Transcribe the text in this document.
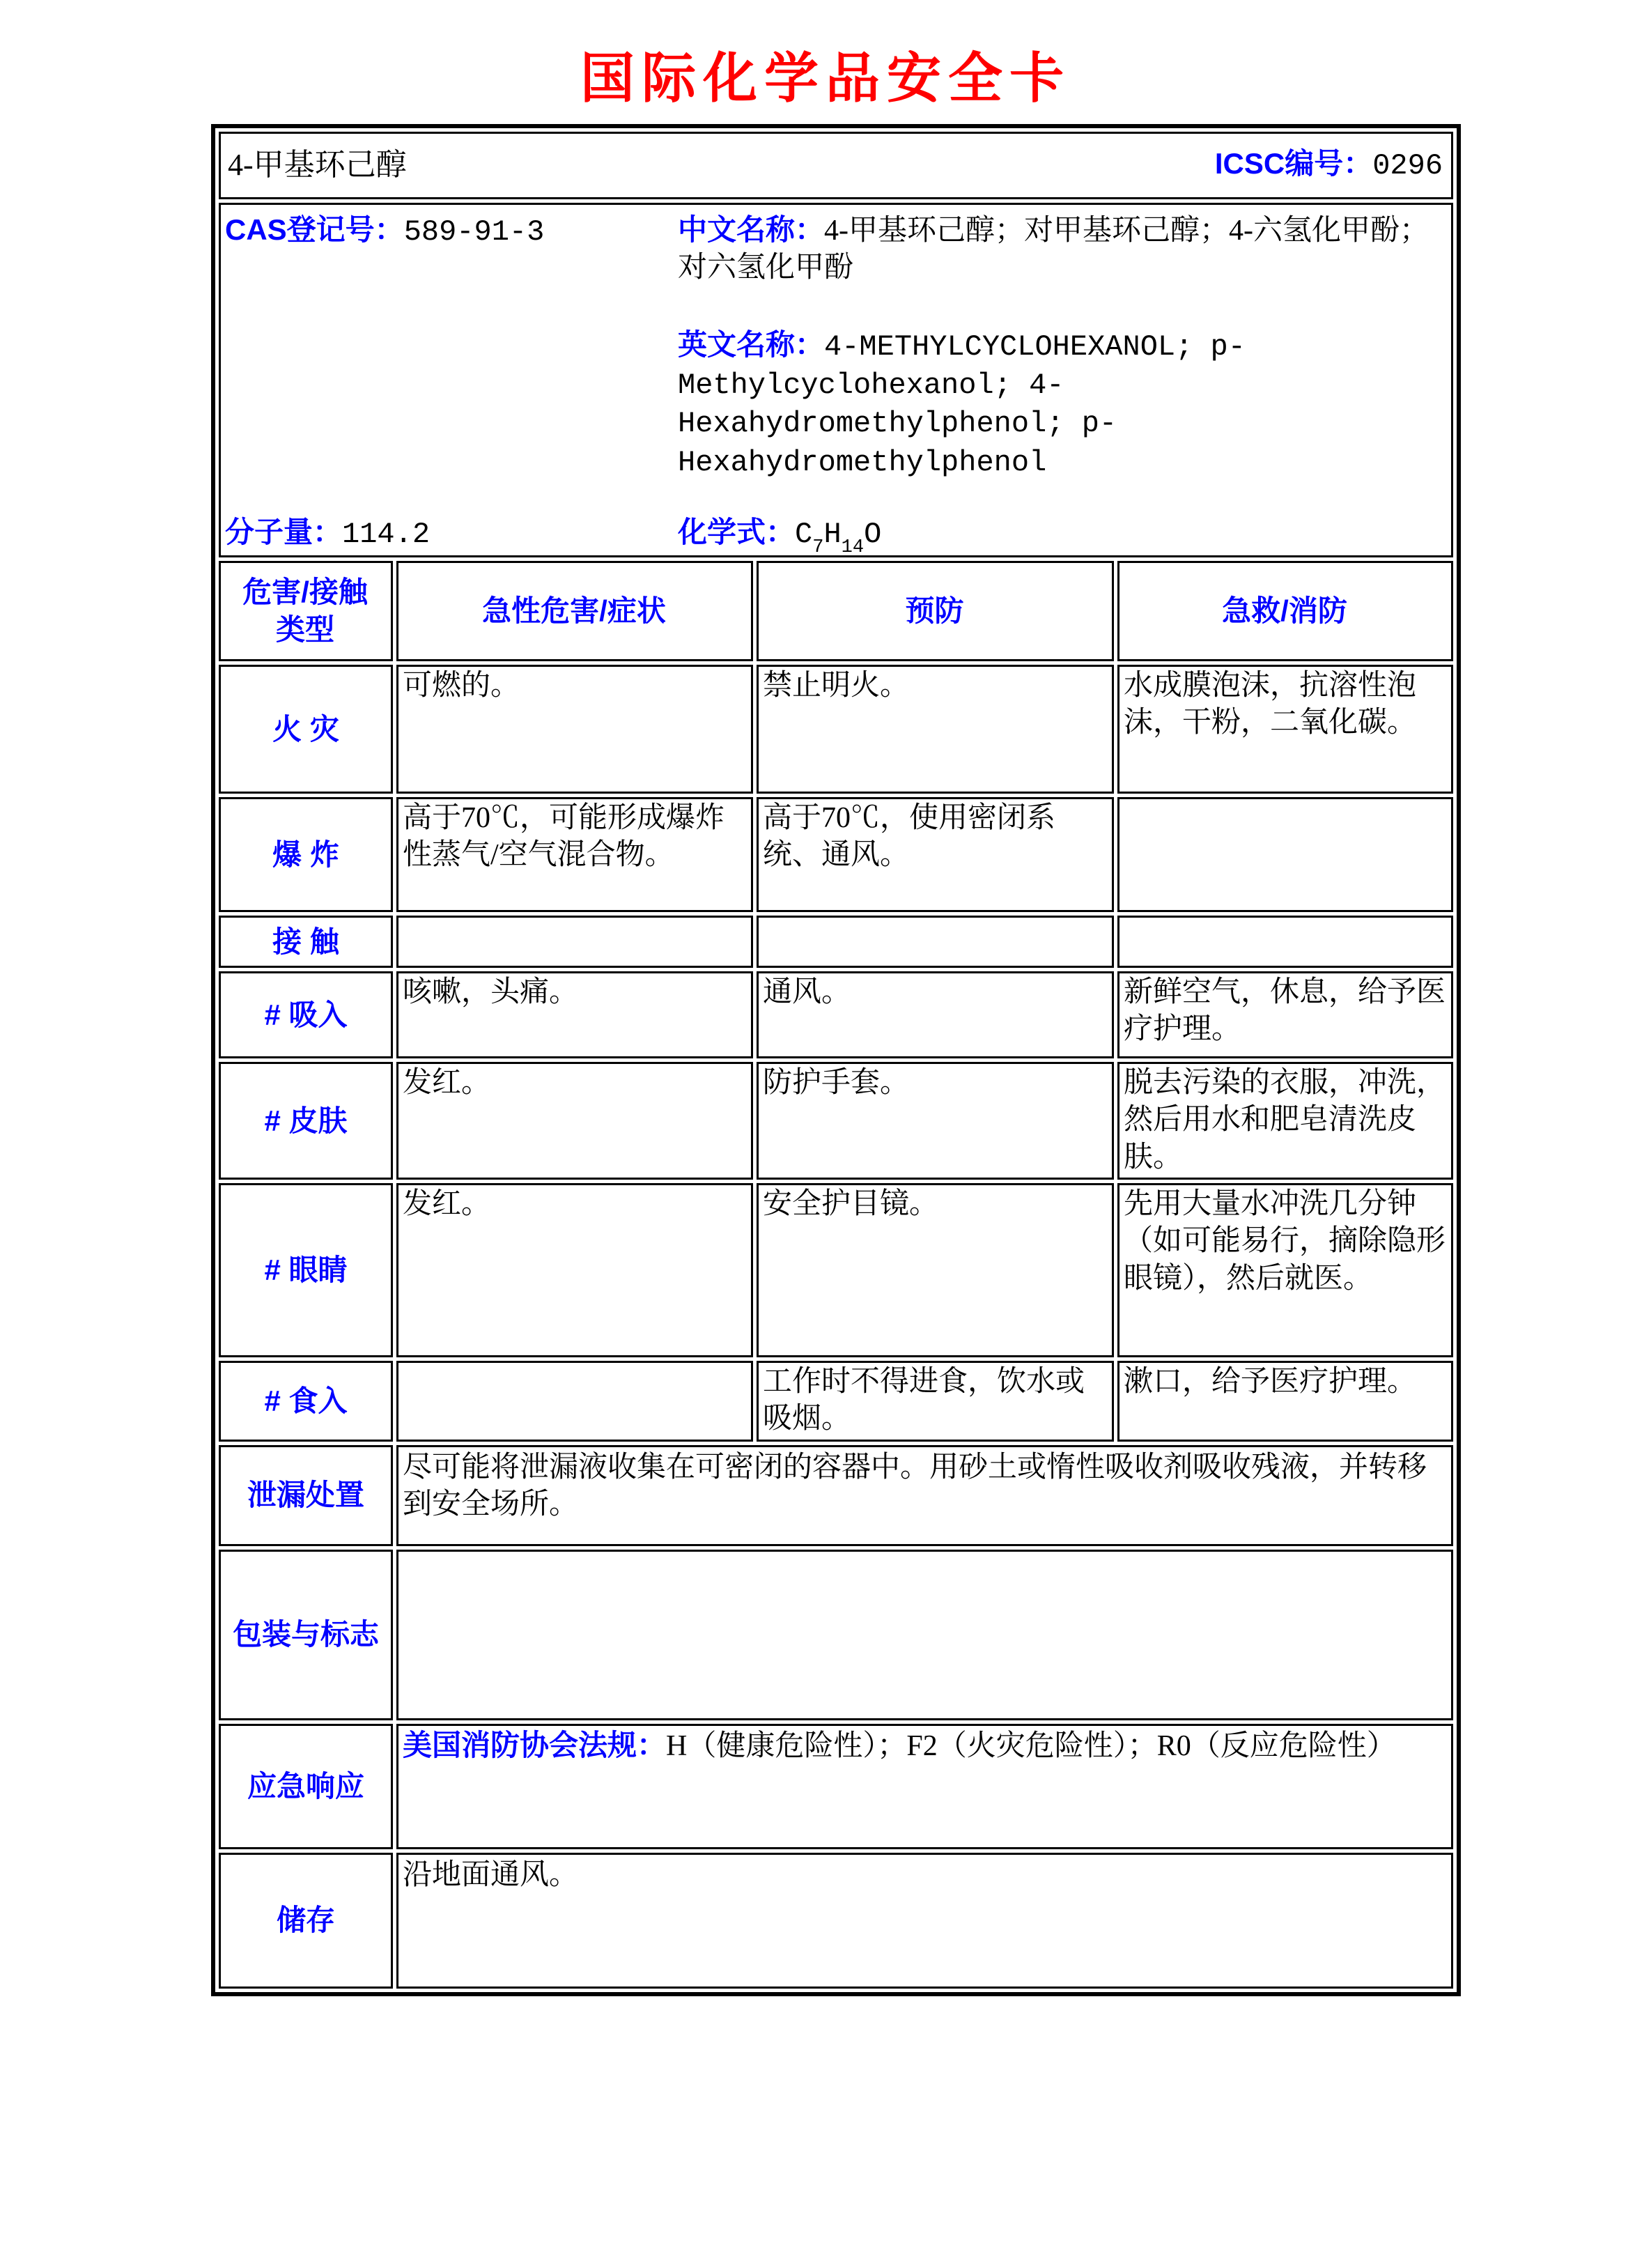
国际化学品安全卡
4-甲基环己醇 ICSC编号：0296			

CAS登记号：589-91-3 中文名称：4-甲基环己醇；对甲基环己醇；4-六氢化甲酚；对六氢化甲酚

英文名称：4-METHYLCYCLOHEXANOL; p-Methylcyclohexanol; 4-Hexahydromethylphenol; p-Hexahydromethylphenol

分子量：114.2 化学式：$C_7H_{14}O$			

危害/接触
类型	急性危害/症状	预防	急救/消防
火 灾	可燃的。	禁止明火。	水成膜泡沫，抗溶性泡沫，干粉，二氧化碳。
爆 炸	高于70℃，可能形成爆炸性蒸气/空气混合物。	高于70℃，使用密闭系统、通风。	
接 触			
# 吸入	咳嗽，头痛。	通风。	新鲜空气，休息，给予医疗护理。
# 皮肤	发红。	防护手套。	脱去污染的衣服，冲洗，然后用水和肥皂清洗皮肤。
# 眼睛	发红。	安全护目镜。	先用大量水冲洗几分钟（如可能易行，摘除隐形眼镜），然后就医。
# 食入		工作时不得进食，饮水或吸烟。	漱口，给予医疗护理。
泄漏处置	尽可能将泄漏液收集在可密闭的容器中。用砂土或惰性吸收剂吸收残液，并转移到安全场所。		
包装与标志			
应急响应	美国消防协会法规：H（健康危险性）；F2（火灾危险性）；R0（反应危险性）		
储存	沿地面通风。		
